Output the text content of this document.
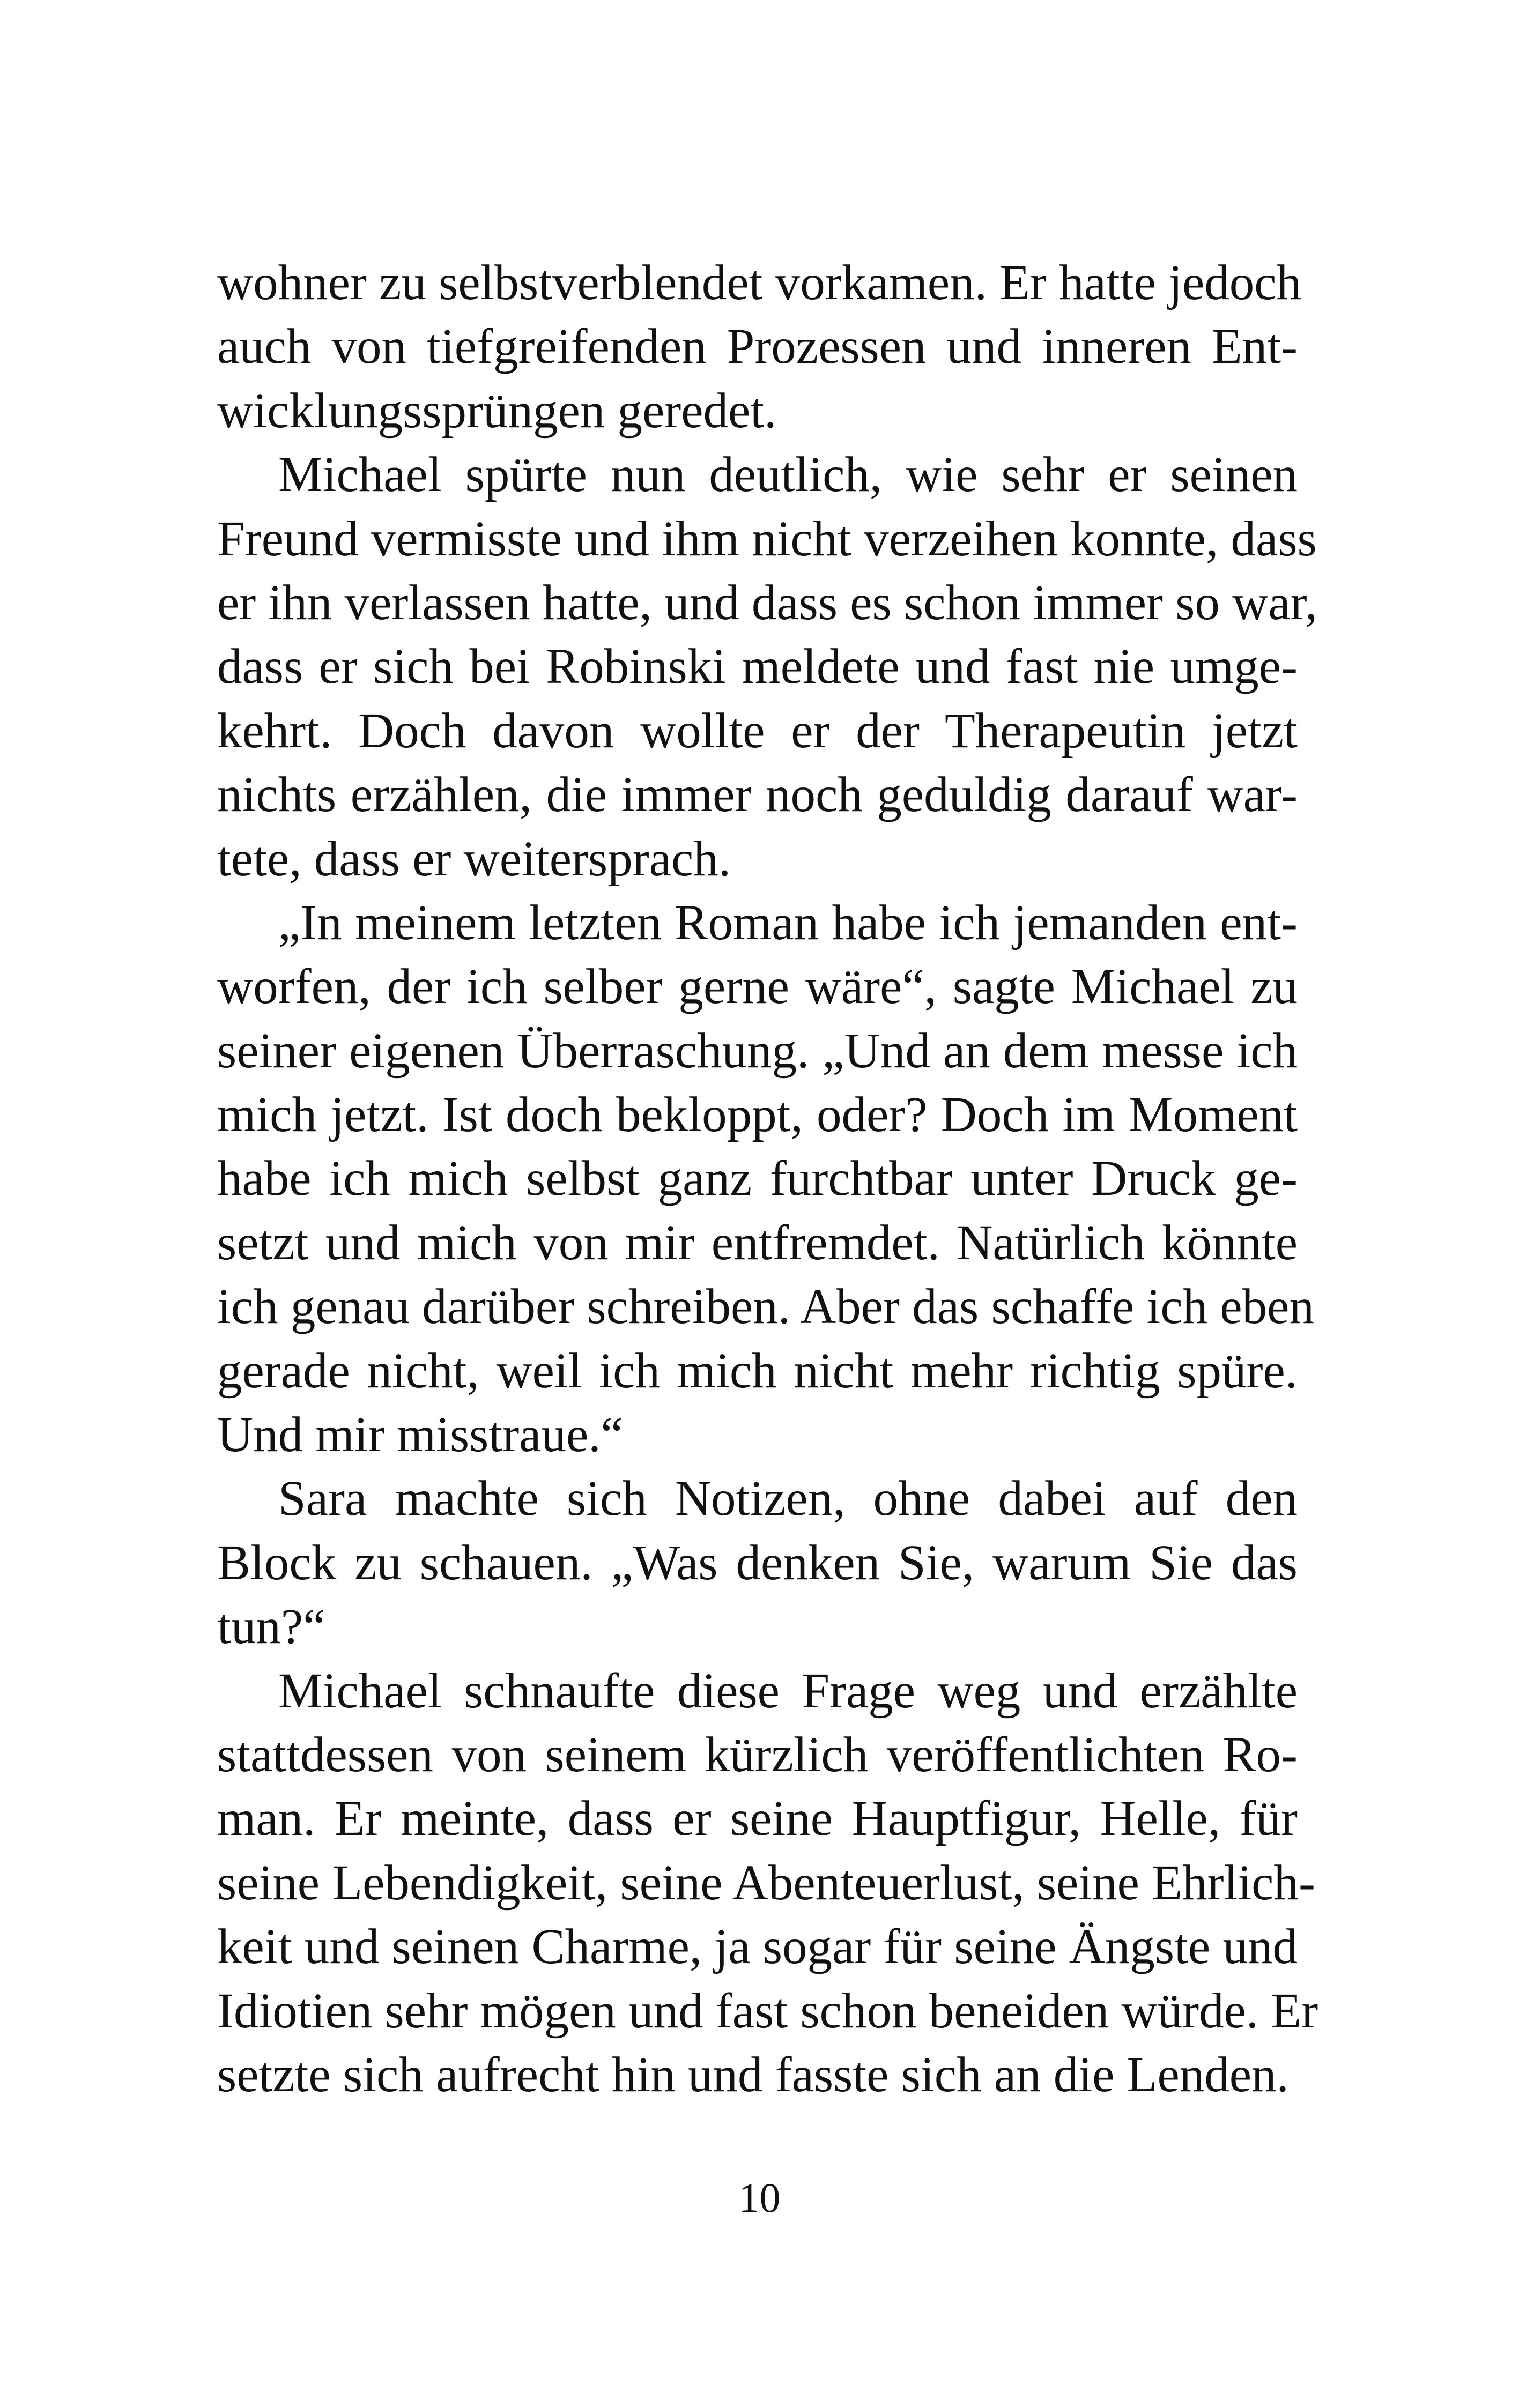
wohner zu selbstverblendet vorkamen. Er hatte jedoch
auch von tiefgreifenden Prozessen und inneren Ent-
wicklungssprüngen geredet.
Michael spürte nun deutlich, wie sehr er seinen
Freund vermisste und ihm nicht verzeihen konnte, dass
er ihn verlassen hatte, und dass es schon immer so war,
dass er sich bei Robinski meldete und fast nie umge-
kehrt. Doch davon wollte er der Therapeutin jetzt
nichts erzählen, die immer noch geduldig darauf war-
tete, dass er weitersprach.
„In meinem letzten Roman habe ich jemanden ent-
worfen, der ich selber gerne wäre“, sagte Michael zu
seiner eigenen Überraschung. „Und an dem messe ich
mich jetzt. Ist doch bekloppt, oder? Doch im Moment
habe ich mich selbst ganz furchtbar unter Druck ge-
setzt und mich von mir entfremdet. Natürlich könnte
ich genau darüber schreiben. Aber das schaffe ich eben
gerade nicht, weil ich mich nicht mehr richtig spüre.
Und mir misstraue.“
Sara machte sich Notizen, ohne dabei auf den
Block zu schauen. „Was denken Sie, warum Sie das
tun?“
Michael schnaufte diese Frage weg und erzählte
stattdessen von seinem kürzlich veröffentlichten Ro-
man. Er meinte, dass er seine Hauptfigur, Helle, für
seine Lebendigkeit, seine Abenteuerlust, seine Ehrlich-
keit und seinen Charme, ja sogar für seine Ängste und
Idiotien sehr mögen und fast schon beneiden würde. Er
setzte sich aufrecht hin und fasste sich an die Lenden.
10
